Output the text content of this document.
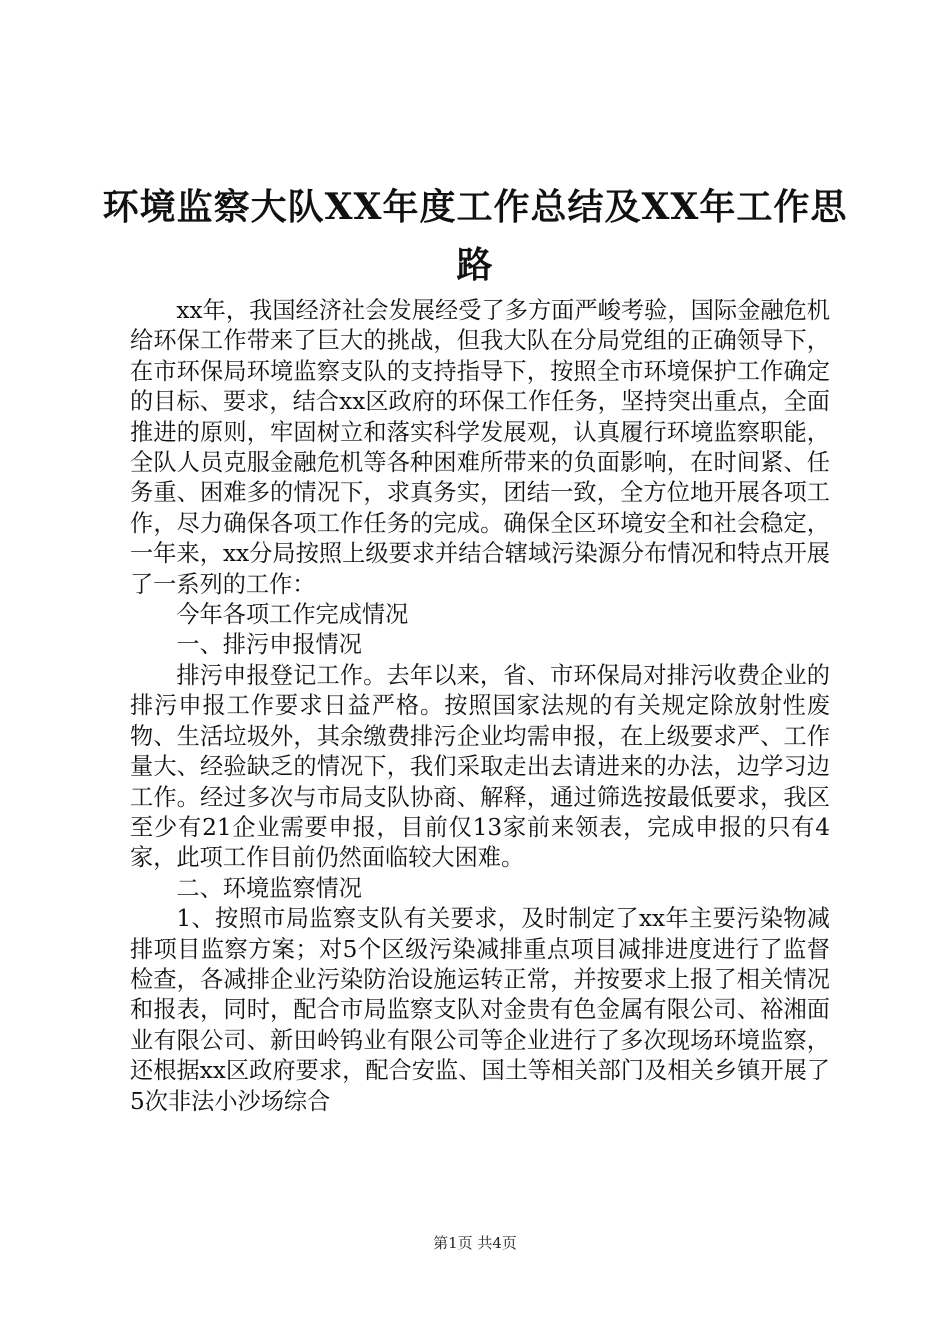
环境监察大队XX年度工作总结及XX年工作思
路

xx年，我国经济社会发展经受了多方面严峻考验，国际金融危机给环保工作带来了巨大的挑战，但我大队在分局党组的正确领导下，在市环保局环境监察支队的支持指导下，按照全市环境保护工作确定的目标、要求，结合xx区政府的环保工作任务，坚持突出重点，全面推进的原则，牢固树立和落实科学发展观，认真履行环境监察职能，全队人员克服金融危机等各种困难所带来的负面影响，在时间紧、任务重、困难多的情况下，求真务实，团结一致，全方位地开展各项工作，尽力确保各项工作任务的完成。确保全区环境安全和社会稳定，一年来，xx分局按照上级要求并结合辖域污染源分布情况和特点开展了一系列的工作：

今年各项工作完成情况

一、排污申报情况

排污申报登记工作。去年以来，省、市环保局对排污收费企业的排污申报工作要求日益严格。按照国家法规的有关规定除放射性废物、生活垃圾外，其余缴费排污企业均需申报，在上级要求严、工作量大、经验缺乏的情况下，我们采取走出去请进来的办法，边学习边工作。经过多次与市局支队协商、解释，通过筛选按最低要求，我区至少有21企业需要申报，目前仅13家前来领表，完成申报的只有4家，此项工作目前仍然面临较大困难。

二、环境监察情况

1、按照市局监察支队有关要求，及时制定了xx年主要污染物减排项目监察方案；对5个区级污染减排重点项目减排进度进行了监督检查，各减排企业污染防治设施运转正常，并按要求上报了相关情况和报表，同时，配合市局监察支队对金贵有色金属有限公司、裕湘面业有限公司、新田岭钨业有限公司等企业进行了多次现场环境监察，还根据xx区政府要求，配合安监、国土等相关部门及相关乡镇开展了5次非法小沙场综合

第1页 共4页
